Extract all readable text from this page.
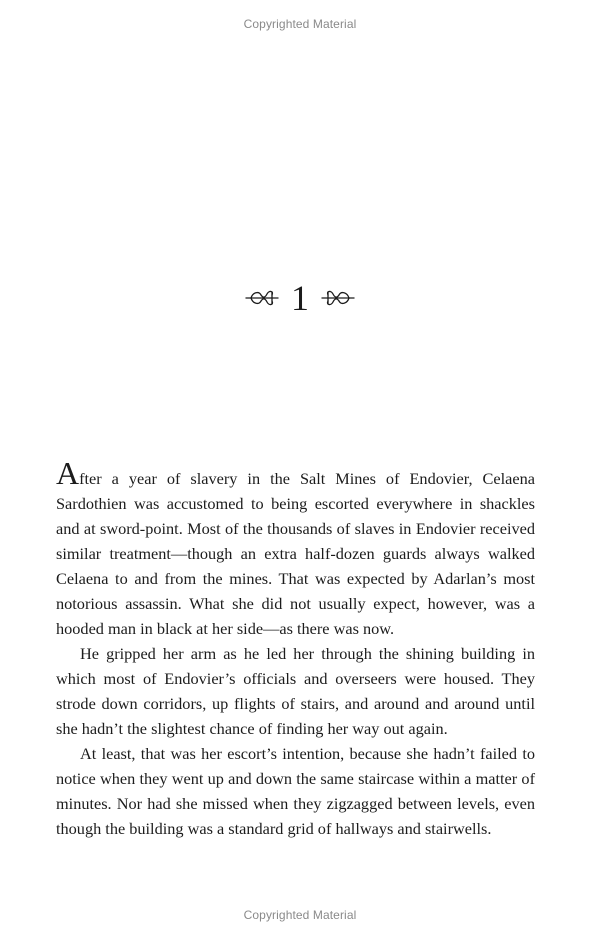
Copyrighted Material
1

After a year of slavery in the Salt Mines of Endovier, Celaena Sardothien was accustomed to being escorted everywhere in shackles and at sword-point. Most of the thousands of slaves in Endovier received similar treatment—though an extra half-dozen guards always walked Celaena to and from the mines. That was expected by Adarlan’s most notorious assassin. What she did not usually expect, however, was a hooded man in black at her side—as there was now.

He gripped her arm as he led her through the shining building in which most of Endovier’s officials and overseers were housed. They strode down corridors, up flights of stairs, and around and around until she hadn’t the slightest chance of finding her way out again.

At least, that was her escort’s intention, because she hadn’t failed to notice when they went up and down the same staircase within a matter of minutes. Nor had she missed when they zigzagged between levels, even though the building was a standard grid of hallways and stairwells.

Copyrighted Material
